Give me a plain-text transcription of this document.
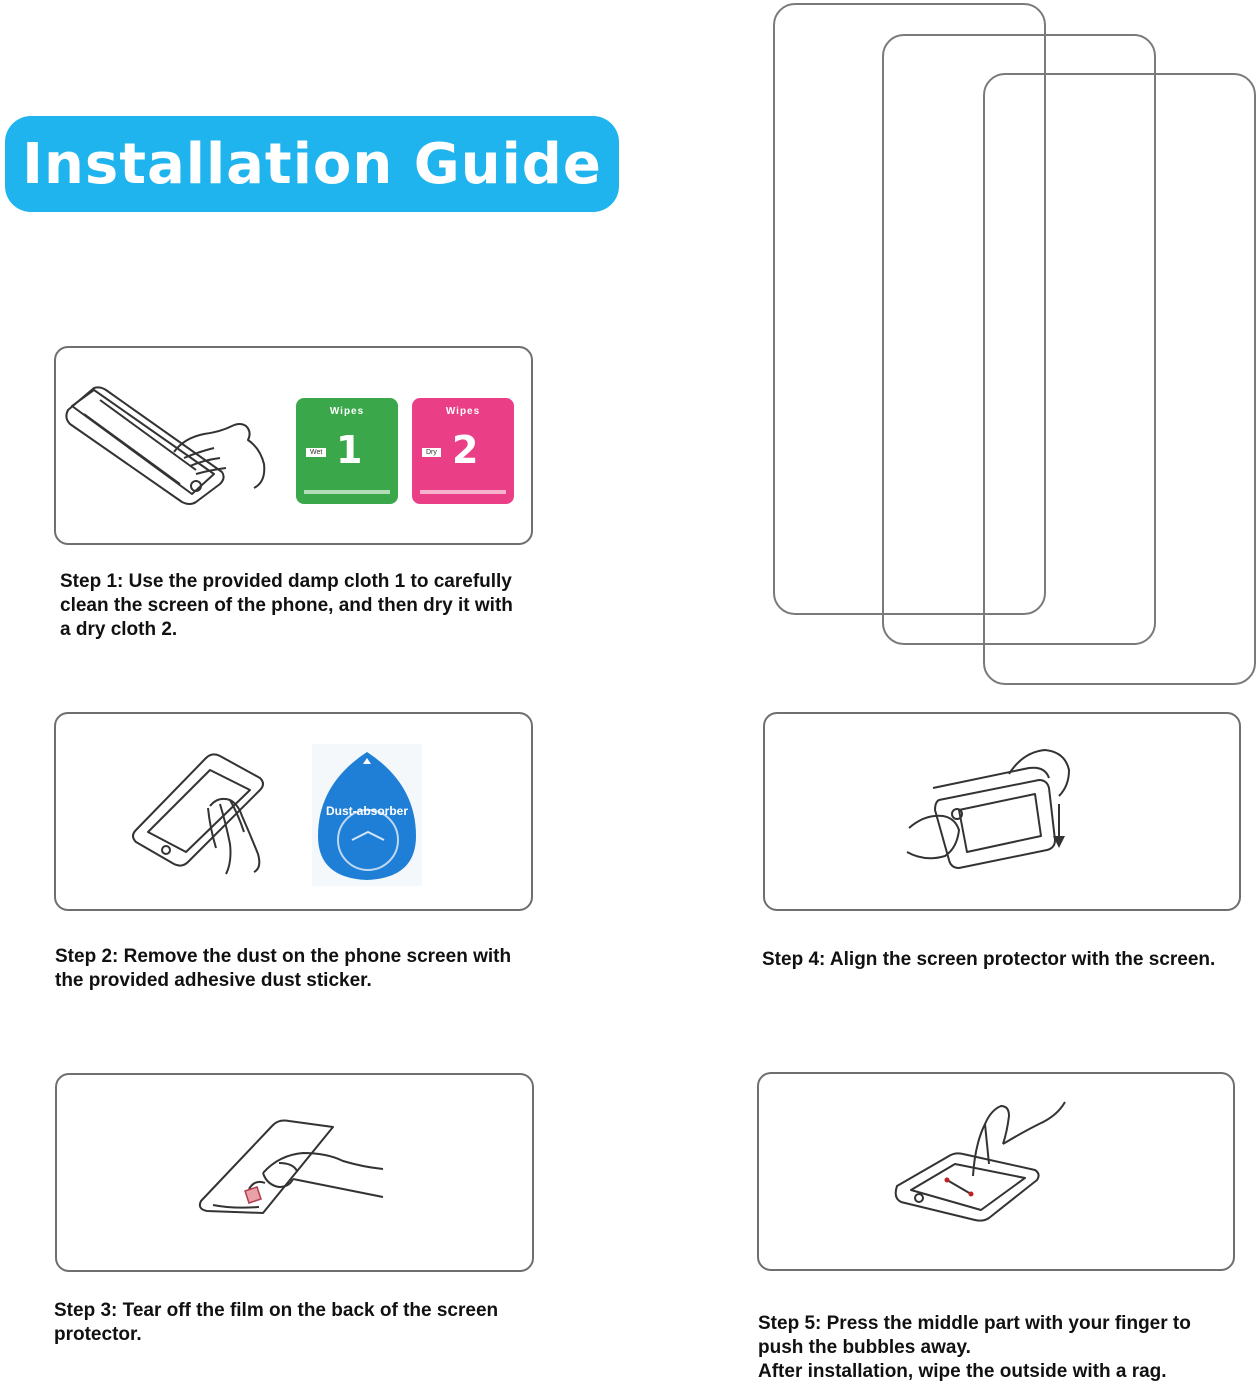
Installation Guide
Wipes
Wet 1
Wipes
Dry 2
Step 1: Use the provided damp cloth 1 to carefully
clean the screen of the phone, and then dry it with
a dry cloth 2.
Dust-absorber
Step 2: Remove the dust on the phone screen with
the provided adhesive dust sticker.
Step 3: Tear off the film on the back of the screen
protector.
Step 4: Align the screen protector with the screen.
Step 5: Press the middle part with your finger to
push the bubbles away.
After installation, wipe the outside with a rag.
